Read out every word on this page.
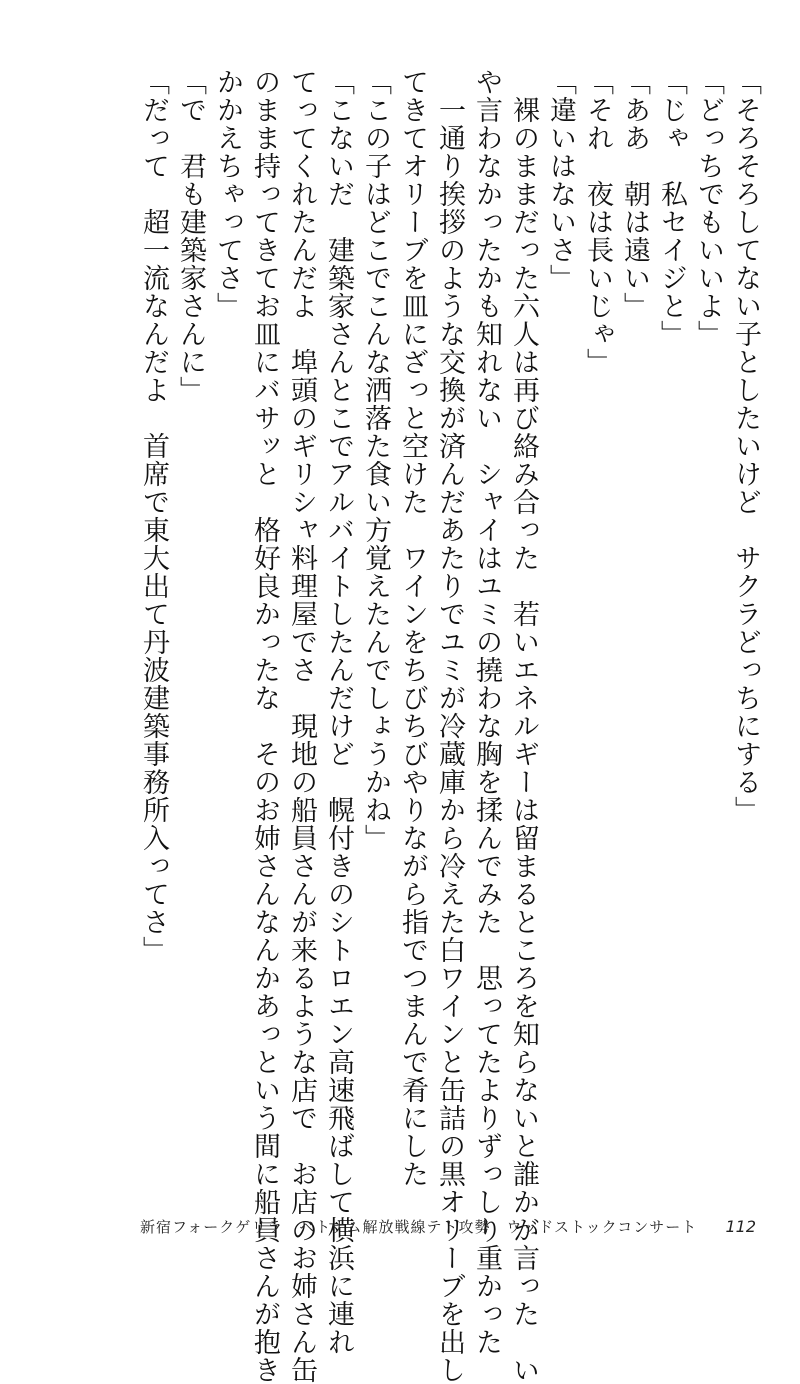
「そろそろしてない子としたいけど　サクラどっちにする」
「どっちでもいいよ」
「じゃ　私セイジと」
「ああ　朝は遠い」
「それ　夜は長いじゃ」
「違いはないさ」
　裸のままだった六人は再び絡み合った　若いエネルギーは留まるところを知らないと誰かが言った　い
や言わなかったかも知れない　シャイはユミの撓わな胸を揉んでみた　思ってたよりずっしり重かった
　一通り挨拶のような交換が済んだあたりでユミが冷蔵庫から冷えた白ワインと缶詰の黒オリーブを出し
てきてオリーブを皿にざっと空けた　ワインをちびちびやりながら指でつまんで肴にした
「この子はどこでこんな洒落た食い方覚えたんでしょうかね」
「こないだ　建築家さんとこでアルバイトしたんだけど　幌付きのシトロエン高速飛ばして横浜に連れ
てってくれたんだよ　埠頭のギリシャ料理屋でさ　現地の船員さんが来るような店で　お店のお姉さん缶
のまま持ってきてお皿にバサッと　格好良かったな　そのお姉さんなんかあっという間に船員さんが抱き
かかえちゃってさ」
「で　君も建築家さんに」
「だって　超一流なんだよ　首席で東大出て丹波建築事務所入ってさ」
新宿フォークゲリラ　ベトナム解放戦線テト攻勢　ウッドストックコンサート 112
